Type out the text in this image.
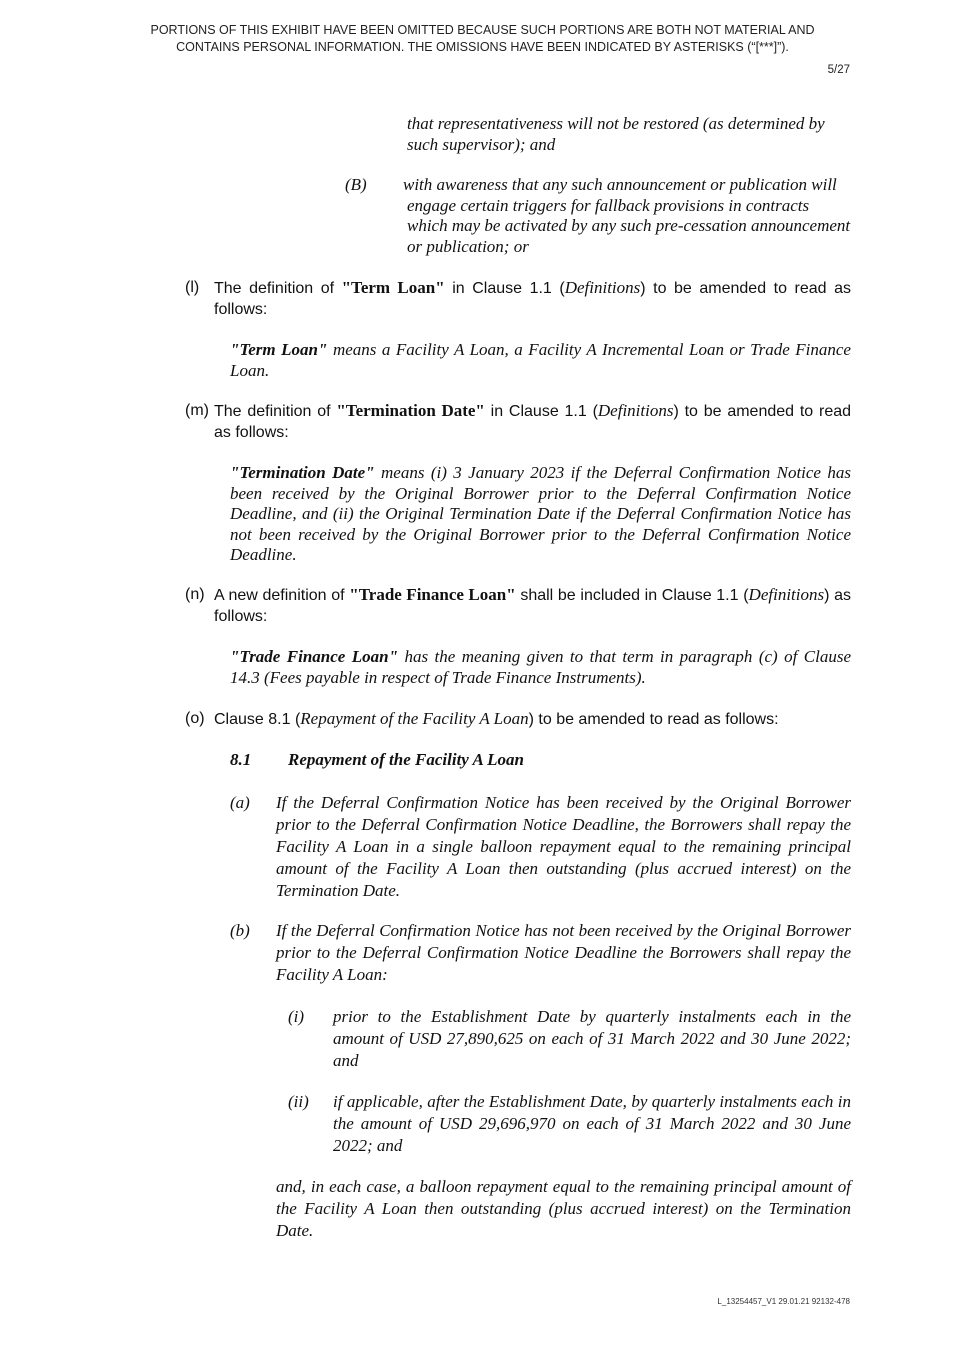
PORTIONS OF THIS EXHIBIT HAVE BEEN OMITTED BECAUSE SUCH PORTIONS ARE BOTH NOT MATERIAL AND
CONTAINS PERSONAL INFORMATION. THE OMISSIONS HAVE BEEN INDICATED BY ASTERISKS (“[***]”).
5/27
that representativeness will not be restored (as determined by such supervisor); and
(B) with awareness that any such announcement or publication will engage certain triggers for fallback provisions in contracts which may be activated by any such pre-cessation announcement or publication; or
(l) The definition of "Term Loan" in Clause 1.1 (Definitions) to be amended to read as follows:
"Term Loan" means a Facility A Loan, a Facility A Incremental Loan or Trade Finance Loan.
(m) The definition of "Termination Date" in Clause 1.1 (Definitions) to be amended to read as follows:
"Termination Date" means (i) 3 January 2023 if the Deferral Confirmation Notice has been received by the Original Borrower prior to the Deferral Confirmation Notice Deadline, and (ii) the Original Termination Date if the Deferral Confirmation Notice has not been received by the Original Borrower prior to the Deferral Confirmation Notice Deadline.
(n) A new definition of "Trade Finance Loan" shall be included in Clause 1.1 (Definitions) as follows:
"Trade Finance Loan" has the meaning given to that term in paragraph (c) of Clause 14.3 (Fees payable in respect of Trade Finance Instruments).
(o) Clause 8.1 (Repayment of the Facility A Loan) to be amended to read as follows:
8.1 Repayment of the Facility A Loan
(a) If the Deferral Confirmation Notice has been received by the Original Borrower prior to the Deferral Confirmation Notice Deadline, the Borrowers shall repay the Facility A Loan in a single balloon repayment equal to the remaining principal amount of the Facility A Loan then outstanding (plus accrued interest) on the Termination Date.
(b) If the Deferral Confirmation Notice has not been received by the Original Borrower prior to the Deferral Confirmation Notice Deadline the Borrowers shall repay the Facility A Loan:
(i) prior to the Establishment Date by quarterly instalments each in the amount of USD 27,890,625 on each of 31 March 2022 and 30 June 2022; and
(ii) if applicable, after the Establishment Date, by quarterly instalments each in the amount of USD 29,696,970 on each of 31 March 2022 and 30 June 2022; and
and, in each case, a balloon repayment equal to the remaining principal amount of the Facility A Loan then outstanding (plus accrued interest) on the Termination Date.
L_13254457_V1 29.01.21 92132-478
